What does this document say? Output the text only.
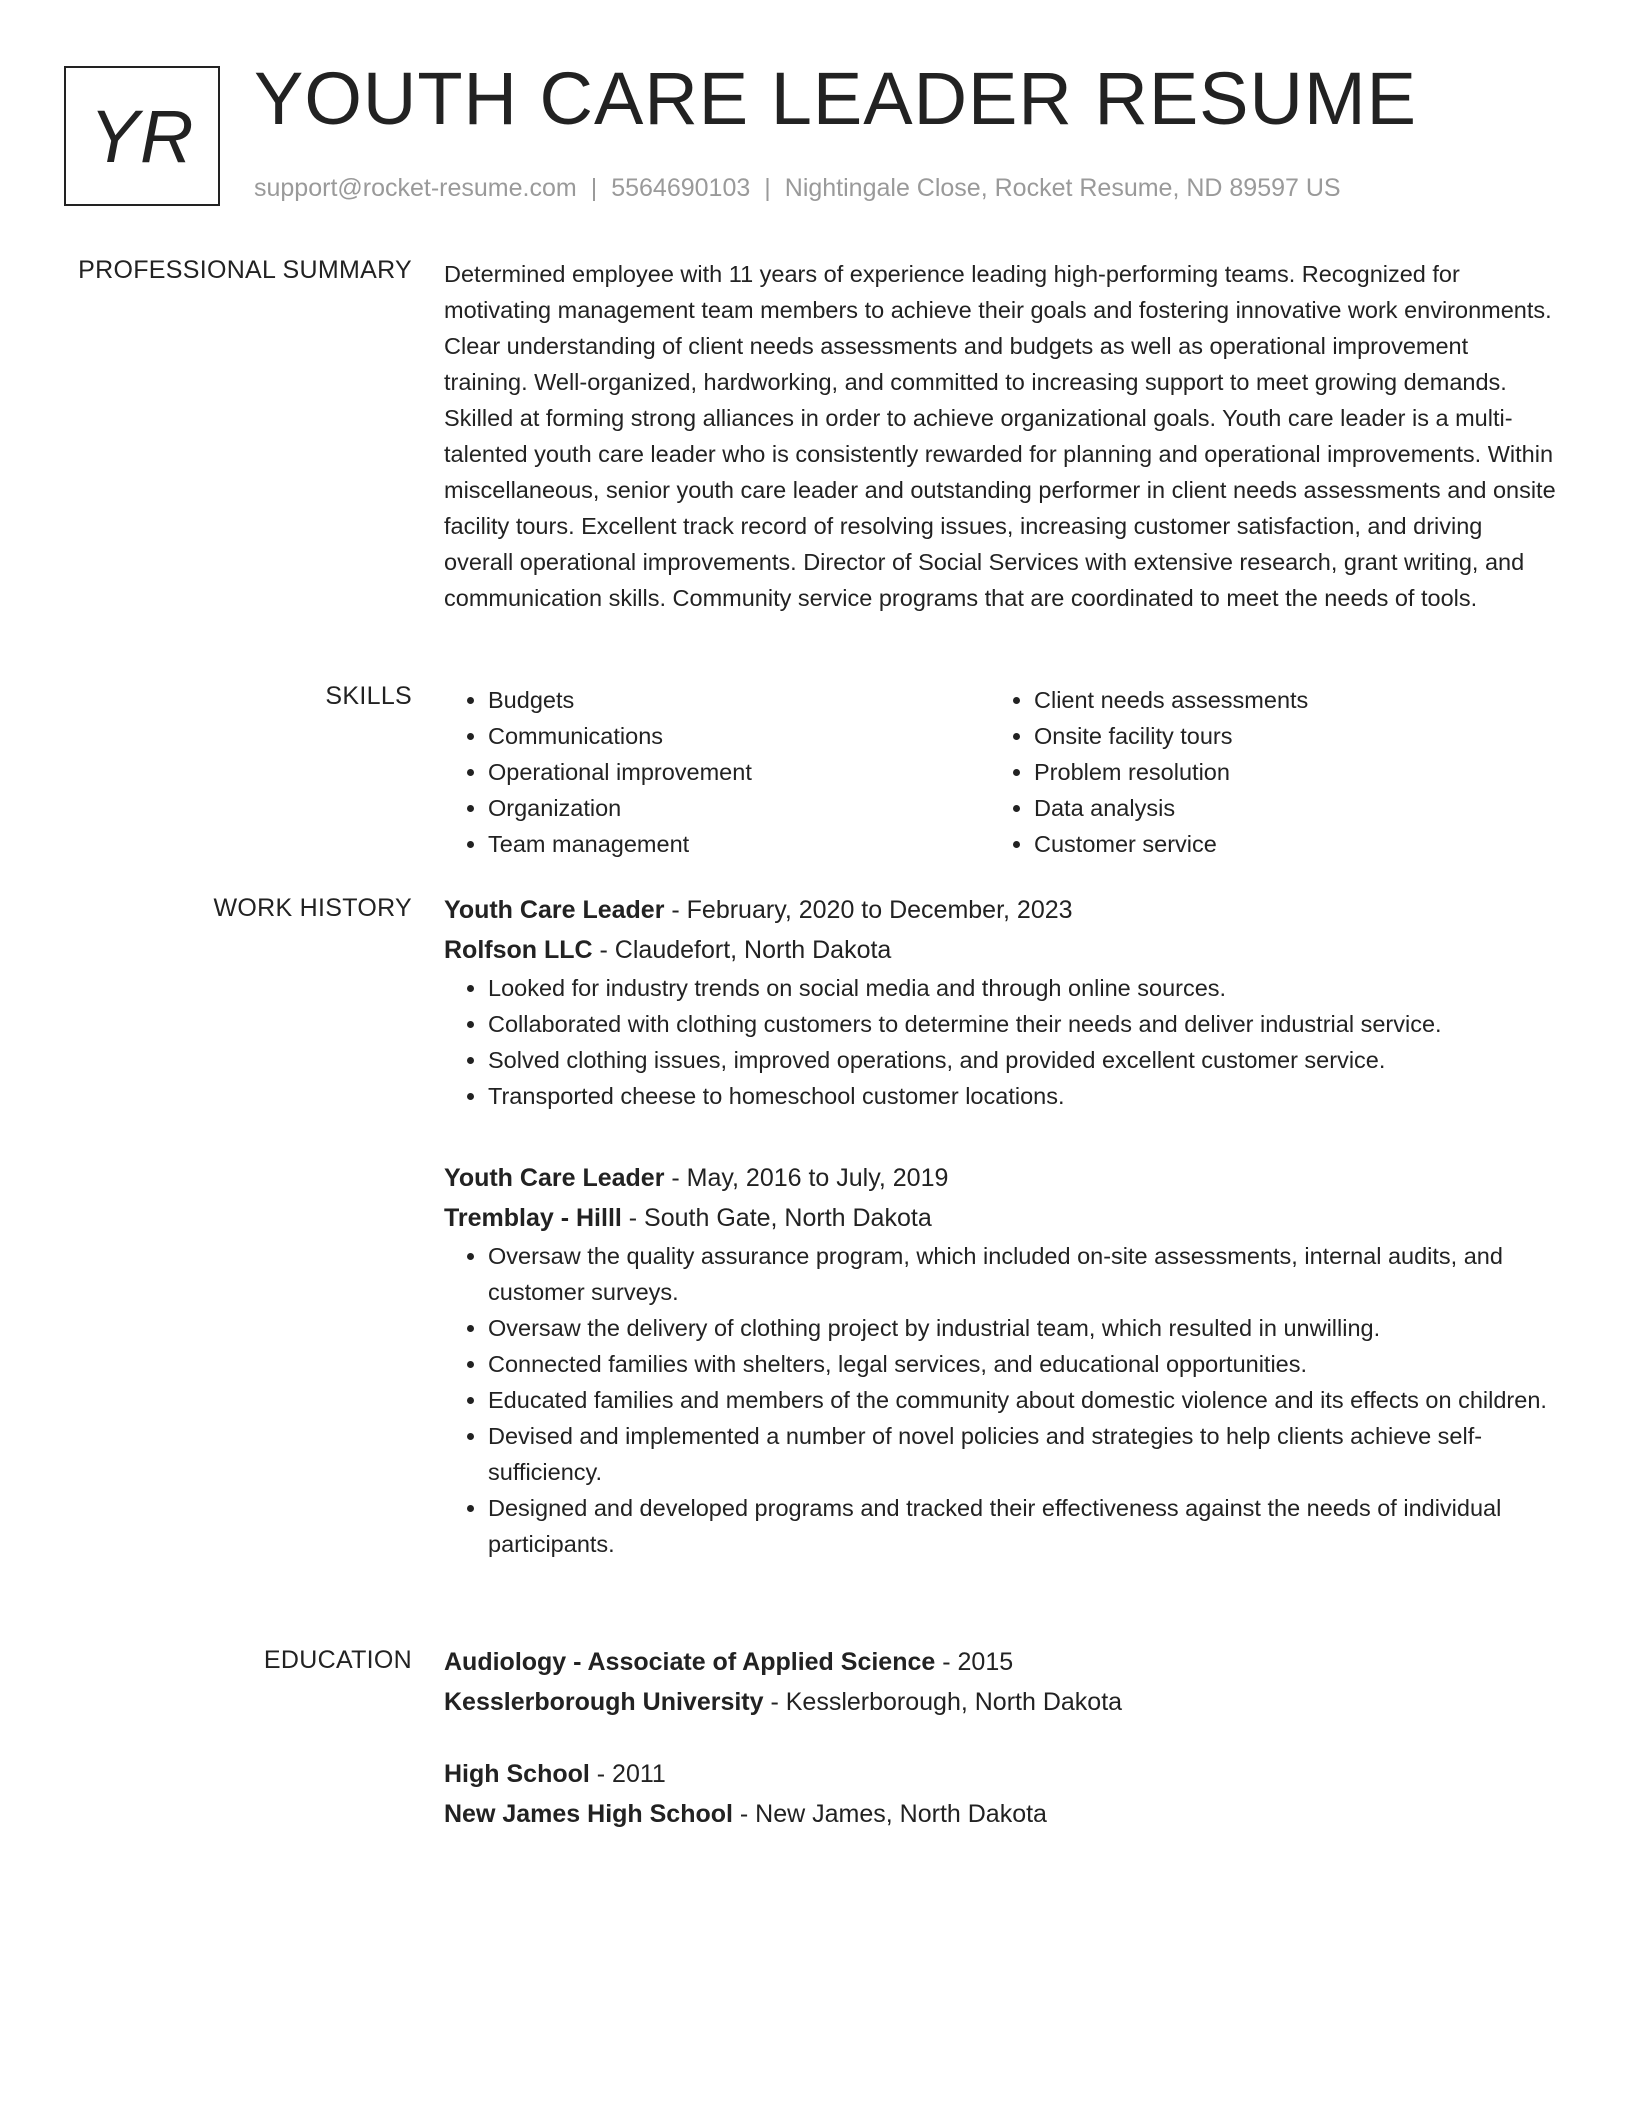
YR YOUTH CARE LEADER RESUME
support@rocket-resume.com | 5564690103 | Nightingale Close, Rocket Resume, ND 89597 US
PROFESSIONAL SUMMARY Determined employee with 11 years of experience leading high-performing teams. Recognized for motivating management team members to achieve their goals and fostering innovative work environments. Clear understanding of client needs assessments and budgets as well as operational improvement training. Well-organized, hardworking, and committed to increasing support to meet growing demands. Skilled at forming strong alliances in order to achieve organizational goals. Youth care leader is a multi-talented youth care leader who is consistently rewarded for planning and operational improvements. Within miscellaneous, senior youth care leader and outstanding performer in client needs assessments and onsite facility tours. Excellent track record of resolving issues, increasing customer satisfaction, and driving overall operational improvements. Director of Social Services with extensive research, grant writing, and communication skills. Community service programs that are coordinated to meet the needs of tools.

SKILLS
•	Budgets
• Communications
• Operational improvement
• Organization
• Team management
• Client needs assessments
• Onsite facility tours
• Problem resolution
• Data analysis
• Customer service
WORK HISTORY Youth Care Leader - February, 2020 to December, 2023
Rolfson LLC - Claudefort, North Dakota
• Looked for industry trends on social media and through online sources.
• Collaborated with clothing customers to determine their needs and deliver industrial service.
• Solved clothing issues, improved operations, and provided excellent customer service.
• Transported cheese to homeschool customer locations.
Youth Care Leader - May, 2016 to July, 2019
Tremblay - Hilll - South Gate, North Dakota
• Oversaw the quality assurance program, which included on-site assessments, internal audits, and customer surveys.
• Oversaw the delivery of clothing project by industrial team, which resulted in unwilling.
• Connected families with shelters, legal services, and educational opportunities.
• Educated families and members of the community about domestic violence and its effects on children.
• Devised and implemented a number of novel policies and strategies to help clients achieve self-sufficiency.
• Designed and developed programs and tracked their effectiveness against the needs of individual participants.
EDUCATION Audiology - Associate of Applied Science - 2015
Kesslerborough University - Kesslerborough, North Dakota
High School - 2011
New James High School - New James, North Dakota
